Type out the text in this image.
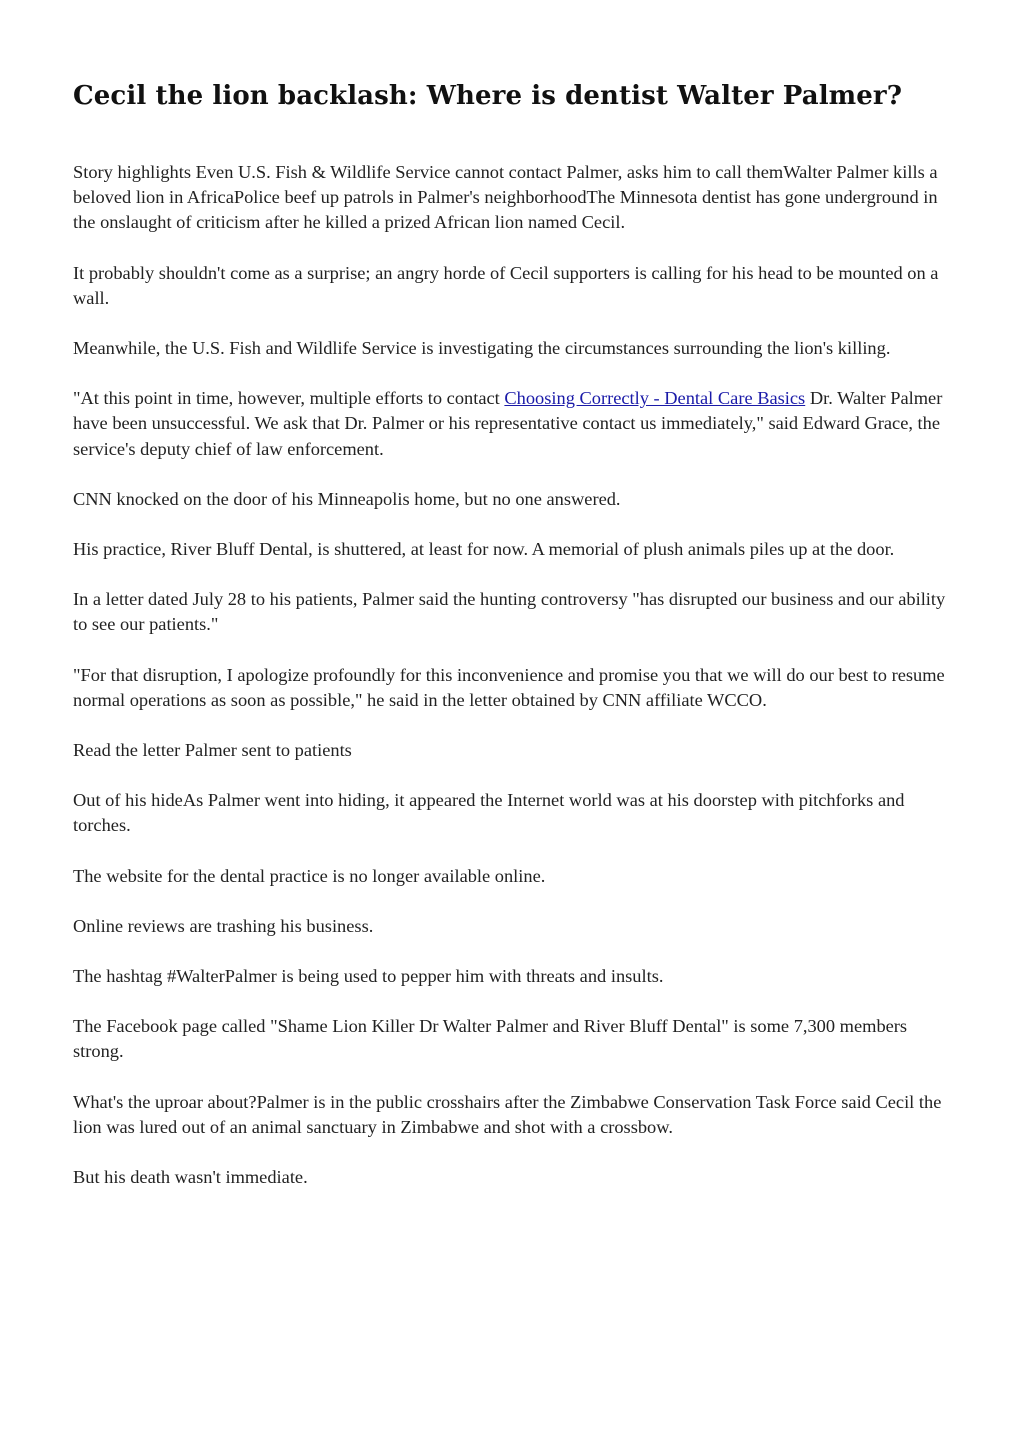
Cecil the lion backlash: Where is dentist Walter Palmer?

Story highlights Even U.S. Fish & Wildlife Service cannot contact Palmer, asks him to call themWalter Palmer kills a beloved lion in AfricaPolice beef up patrols in Palmer's neighborhoodThe Minnesota dentist has gone underground in the onslaught of criticism after he killed a prized African lion named Cecil.

It probably shouldn't come as a surprise; an angry horde of Cecil supporters is calling for his head to be mounted on a wall.

Meanwhile, the U.S. Fish and Wildlife Service is investigating the circumstances surrounding the lion's killing.

"At this point in time, however, multiple efforts to contact Choosing Correctly - Dental Care Basics Dr. Walter Palmer have been unsuccessful. We ask that Dr. Palmer or his representative contact us immediately," said Edward Grace, the service's deputy chief of law enforcement.

CNN knocked on the door of his Minneapolis home, but no one answered.

His practice, River Bluff Dental, is shuttered, at least for now. A memorial of plush animals piles up at the door.

In a letter dated July 28 to his patients, Palmer said the hunting controversy "has disrupted our business and our ability to see our patients."

"For that disruption, I apologize profoundly for this inconvenience and promise you that we will do our best to resume normal operations as soon as possible," he said in the letter obtained by CNN affiliate WCCO.

Read the letter Palmer sent to patients

Out of his hideAs Palmer went into hiding, it appeared the Internet world was at his doorstep with pitchforks and torches.

The website for the dental practice is no longer available online.

Online reviews are trashing his business.

The hashtag #WalterPalmer is being used to pepper him with threats and insults.

The Facebook page called "Shame Lion Killer Dr Walter Palmer and River Bluff Dental" is some 7,300 members strong.

What's the uproar about?Palmer is in the public crosshairs after the Zimbabwe Conservation Task Force said Cecil the lion was lured out of an animal sanctuary in Zimbabwe and shot with a crossbow.

But his death wasn't immediate.
